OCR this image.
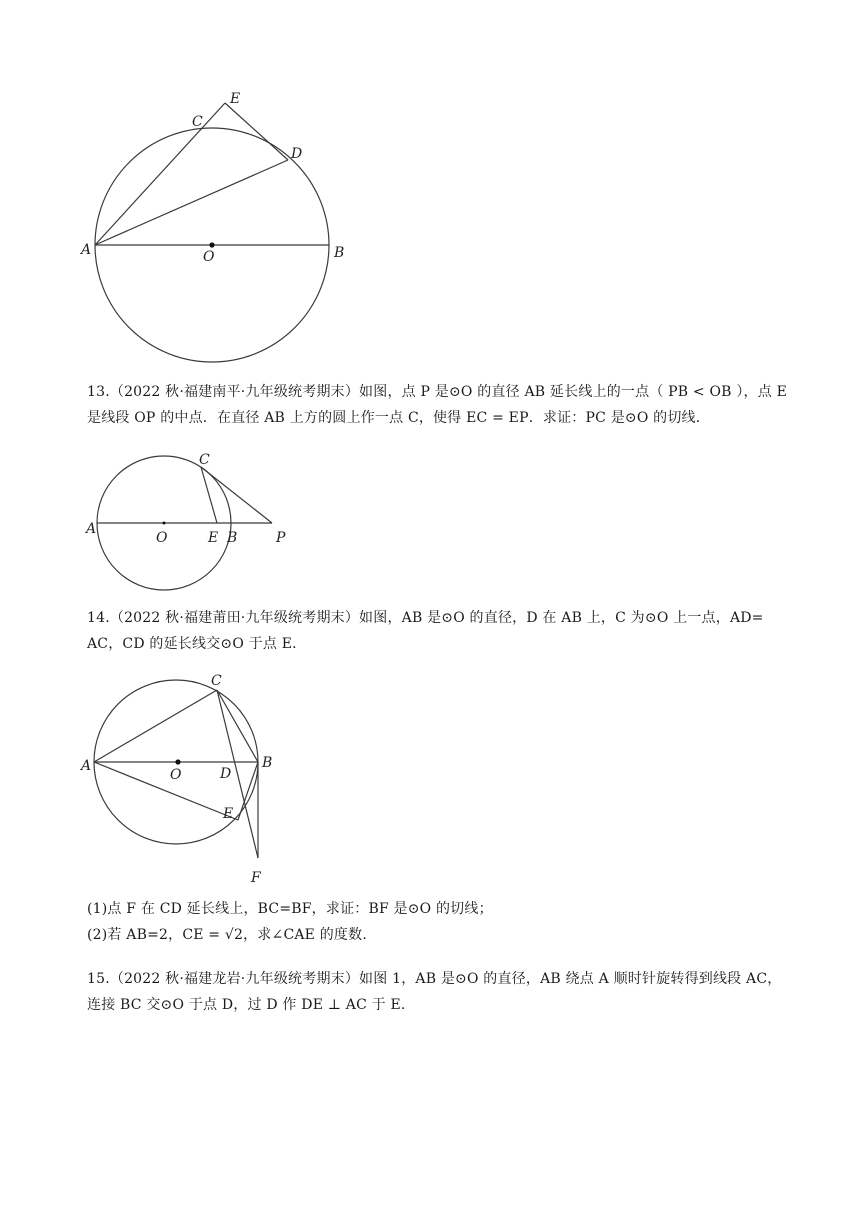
E
C
D
A	O	B
13.（2022 秋·福建南平·九年级统考期末）如图，点 P 是⊙O 的直径 AB 延长线上的一点（ PB < OB ），点 E
是线段 OP 的中点．在直径 AB 上方的圆上作一点 C，使得 EC = EP．求证：PC 是⊙O 的切线．
C
A
O	E B	P
14.（2022 秋·福建莆田·九年级统考期末）如图，AB 是⊙O 的直径，D 在 AB 上，C 为⊙O 上一点，AD=
AC，CD 的延长线交⊙O 于点 E.
C
A
O	D
B
E
F
(1)点 F 在 CD 延长线上，BC=BF，求证：BF 是⊙O 的切线；
(2)若 AB=2，CE = √2，求∠CAE 的度数.
15.（2022 秋·福建龙岩·九年级统考期末）如图 1，AB 是⊙O 的直径，AB 绕点 A 顺时针旋转得到线段 AC，
连接 BC 交⊙O 于点 D，过 D 作 DE ⊥ AC 于 E.
